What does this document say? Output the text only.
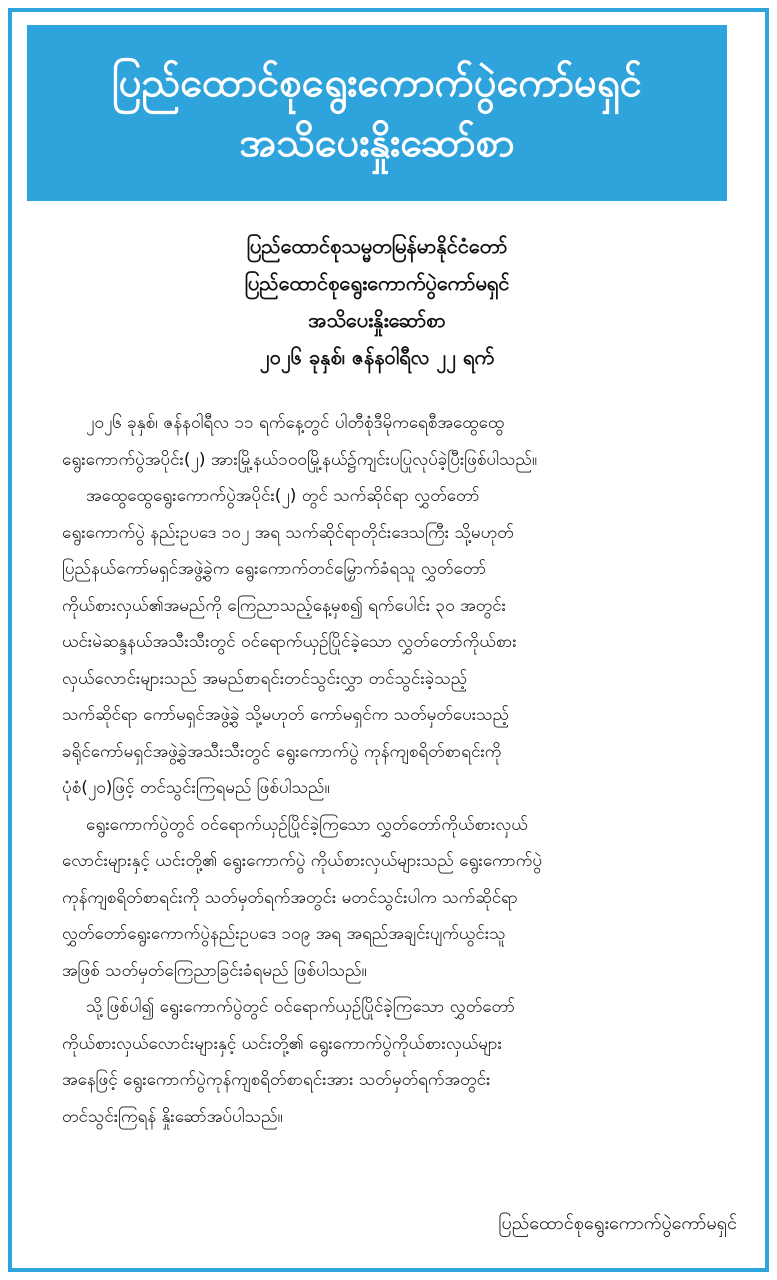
ပြည်ထောင်စုရွေးကောက်ပွဲကော်မရှင်
အသိပေးနှိုးဆော်စာ
ပြည်ထောင်စုသမ္မတမြန်မာနိုင်ငံတော်
ပြည်ထောင်စုရွေးကောက်ပွဲကော်မရှင်
အသိပေးနှိုးဆော်စာ
၂၀၂၆ ခုနှစ်၊ ဇန်နဝါရီလ ၂၂ ရက်

၂၀၂၆ ခုနှစ်၊ ဇန်နဝါရီလ ၁၁ ရက်နေ့တွင် ပါတီစုံဒီမိုကရေစီအထွေထွေ
ရွေးကောက်ပွဲအပိုင်း(၂) အားမြို့နယ်၁၀၀မြို့နယ်၌ကျင်းပပြုလုပ်ခဲ့ပြီးဖြစ်ပါသည်။

အထွေထွေရွေးကောက်ပွဲအပိုင်း(၂) တွင် သက်ဆိုင်ရာ လွှတ်တော်
ရွေးကောက်ပွဲ နည်းဥပဒေ ၁၀၂ အရ သက်ဆိုင်ရာတိုင်းဒေသကြီး သို့မဟုတ်
ပြည်နယ်ကော်မရှင်အဖွဲ့ခွဲက ရွေးကောက်တင်မြှောက်ခံရသူ လွှတ်တော်
ကိုယ်စားလှယ်၏အမည်ကို ကြေညာသည့်နေ့မှစ၍ ရက်ပေါင်း ၃၀ အတွင်း
ယင်းမဲဆန္ဒနယ်အသီးသီးတွင် ဝင်ရောက်ယှဉ်ပြိုင်ခဲ့သော လွှတ်တော်ကိုယ်စား
လှယ်လောင်းများသည် အမည်စာရင်းတင်သွင်းလွှာ တင်သွင်းခဲ့သည့်
သက်ဆိုင်ရာ ကော်မရှင်အဖွဲ့ခွဲ သို့မဟုတ် ကော်မရှင်က သတ်မှတ်ပေးသည့်
ခရိုင်ကော်မရှင်အဖွဲ့ခွဲအသီးသီးတွင် ရွေးကောက်ပွဲ ကုန်ကျစရိတ်စာရင်းကို
ပုံစံ(၂၀)ဖြင့် တင်သွင်းကြရမည် ဖြစ်ပါသည်။

ရွေးကောက်ပွဲတွင် ဝင်ရောက်ယှဉ်ပြိုင်ခဲ့ကြသော လွှတ်တော်ကိုယ်စားလှယ်
လောင်းများနှင့် ယင်းတို့၏ ရွေးကောက်ပွဲ ကိုယ်စားလှယ်များသည် ရွေးကောက်ပွဲ
ကုန်ကျစရိတ်စာရင်းကို သတ်မှတ်ရက်အတွင်း မတင်သွင်းပါက သက်ဆိုင်ရာ
လွှတ်တော်ရွေးကောက်ပွဲနည်းဥပဒေ ၁၀၉ အရ အရည်အချင်းပျက်ယွင်းသူ
အဖြစ် သတ်မှတ်ကြေညာခြင်းခံရမည် ဖြစ်ပါသည်။

သို့ဖြစ်ပါ၍ ရွေးကောက်ပွဲတွင် ဝင်ရောက်ယှဉ်ပြိုင်ခဲ့ကြသော လွှတ်တော်
ကိုယ်စားလှယ်လောင်းများနှင့် ယင်းတို့၏ ရွေးကောက်ပွဲကိုယ်စားလှယ်များ
အနေဖြင့် ရွေးကောက်ပွဲကုန်ကျစရိတ်စာရင်းအား သတ်မှတ်ရက်အတွင်း
တင်သွင်းကြရန် နှိုးဆော်အပ်ပါသည်။

ပြည်ထောင်စုရွေးကောက်ပွဲကော်မရှင်
